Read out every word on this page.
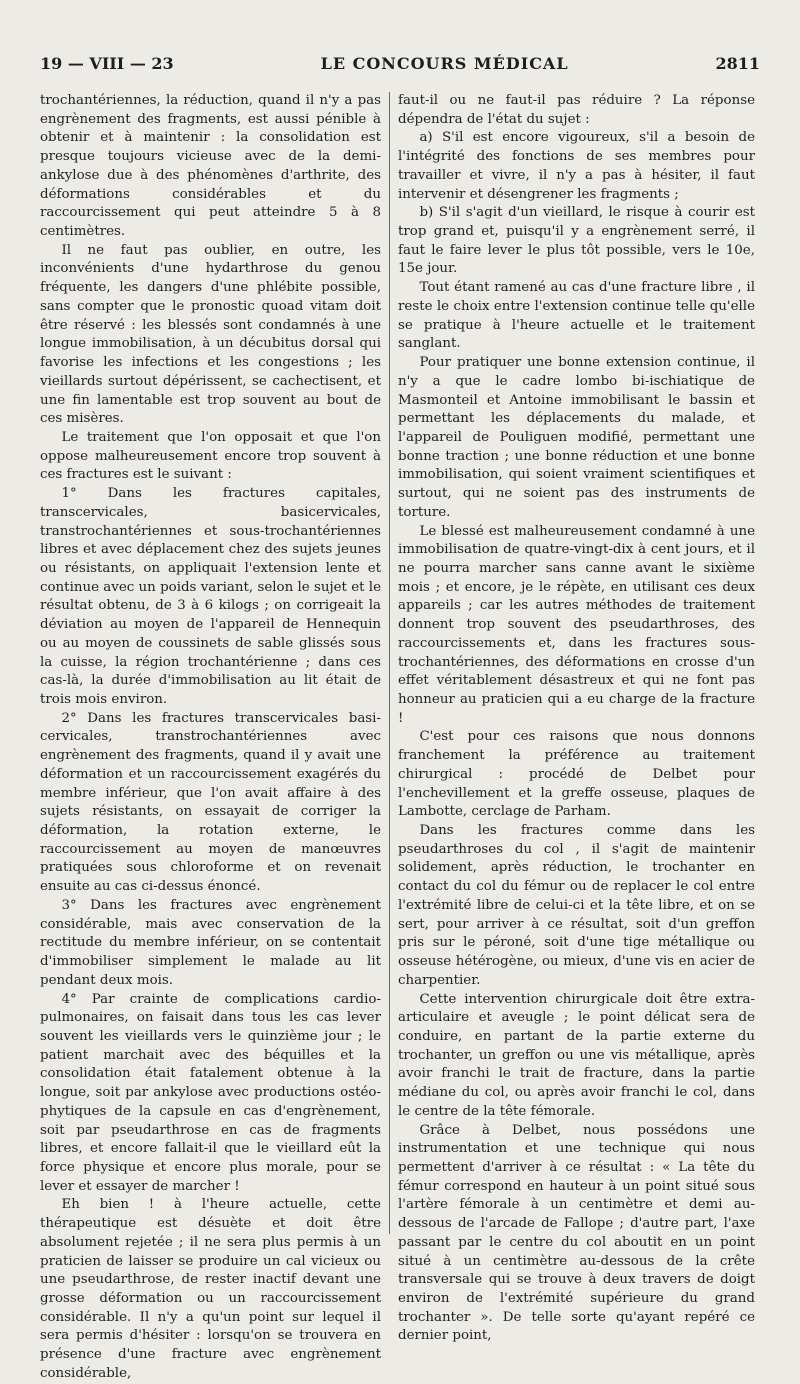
19 — VIII — 23	LE CONCOURS MÉDICAL	2811

trochantériennes, la réduction, quand il n'y a pas engrènement des fragments, est aussi pénible à obtenir et à maintenir : la consolidation est presque toujours vicieuse avec de la demi-ankylose due à des phénomènes d'arthrite, des déformations considérables et du raccourcissement qui peut atteindre 5 à 8 centimètres.

Il ne faut pas oublier, en outre, les inconvénients d'une hydarthrose du genou fréquente, les dangers d'une phlébite possible, sans compter que le pronostic quoad vitam doit être réservé : les blessés sont condamnés à une longue immobilisation, à un décubitus dorsal qui favorise les infections et les congestions ; les vieillards surtout dépérissent, se cachectisent, et une fin lamentable est trop souvent au bout de ces misères.

Le traitement que l'on opposait et que l'on oppose malheureusement encore trop souvent à ces fractures est le suivant :

1° Dans les fractures capitales, transcervicales, basicervicales, transtrochantériennes et sous-trochantériennes libres et avec déplacement chez des sujets jeunes ou résistants, on appliquait l'extension lente et continue avec un poids variant, selon le sujet et le résultat obtenu, de 3 à 6 kilogs ; on corrigeait la déviation au moyen de l'appareil de Hennequin ou au moyen de coussinets de sable glissés sous la cuisse, la région trochantérienne ; dans ces cas-là, la durée d'immobilisation au lit était de trois mois environ.

2° Dans les fractures transcervicales basi-cervicales, transtrochantériennes avec engrènement des fragments, quand il y avait une déformation et un raccourcissement exagérés du membre inférieur, que l'on avait affaire à des sujets résistants, on essayait de corriger la déformation, la rotation externe, le raccourcissement au moyen de manœuvres pratiquées sous chloroforme et on revenait ensuite au cas ci-dessus énoncé.

3° Dans les fractures avec engrènement considérable, mais avec conservation de la rectitude du membre inférieur, on se contentait d'immobiliser simplement le malade au lit pendant deux mois.

4° Par crainte de complications cardio-pulmonaires, on faisait dans tous les cas lever souvent les vieillards vers le quinzième jour ; le patient marchait avec des béquilles et la consolidation était fatalement obtenue à la longue, soit par ankylose avec productions ostéo-phytiques de la capsule en cas d'engrènement, soit par pseudarthrose en cas de fragments libres, et encore fallait-il que le vieillard eût la force physique et encore plus morale, pour se lever et essayer de marcher !

Eh bien ! à l'heure actuelle, cette thérapeutique est désuète et doit être absolument rejetée ; il ne sera plus permis à un praticien de laisser se produire un cal vicieux ou une pseudarthrose, de rester inactif devant une grosse déformation ou un raccourcissement considérable. Il n'y a qu'un point sur lequel il sera permis d'hésiter : lorsqu'on se trouvera en présence d'une fracture avec engrènement considérable,

faut-il ou ne faut-il pas réduire ? La réponse dépendra de l'état du sujet :

a) S'il est encore vigoureux, s'il a besoin de l'intégrité des fonctions de ses membres pour travailler et vivre, il n'y a pas à hésiter, il faut intervenir et désengrener les fragments ;

b) S'il s'agit d'un vieillard, le risque à courir est trop grand et, puisqu'il y a engrènement serré, il faut le faire lever le plus tôt possible, vers le 10e, 15e jour.

Tout étant ramené au cas d'une fracture libre , il reste le choix entre l'extension continue telle qu'elle se pratique à l'heure actuelle et le traitement sanglant.

Pour pratiquer une bonne extension continue, il n'y a que le cadre lombo bi-ischiatique de Masmonteil et Antoine immobilisant le bassin et permettant les déplacements du malade, et l'appareil de Pouliguen modifié, permettant une bonne traction ; une bonne réduction et une bonne immobilisation, qui soient vraiment scientifiques et surtout, qui ne soient pas des instruments de torture.

Le blessé est malheureusement condamné à une immobilisation de quatre-vingt-dix à cent jours, et il ne pourra marcher sans canne avant le sixième mois ; et encore, je le répète, en utilisant ces deux appareils ; car les autres méthodes de traitement donnent trop souvent des pseudarthroses, des raccourcissements et, dans les fractures sous-trochantériennes, des déformations en crosse d'un effet véritablement désastreux et qui ne font pas honneur au praticien qui a eu charge de la fracture !

C'est pour ces raisons que nous donnons franchement la préférence au traitement chirurgical : procédé de Delbet pour l'enchevillement et la greffe osseuse, plaques de Lambotte, cerclage de Parham.

Dans les fractures comme dans les pseudarthroses du col , il s'agit de maintenir solidement, après réduction, le trochanter en contact du col du fémur ou de replacer le col entre l'extrémité libre de celui-ci et la tête libre, et on se sert, pour arriver à ce résultat, soit d'un greffon pris sur le péroné, soit d'une tige métallique ou osseuse hétérogène, ou mieux, d'une vis en acier de charpentier.

Cette intervention chirurgicale doit être extra-articulaire et aveugle ; le point délicat sera de conduire, en partant de la partie externe du trochanter, un greffon ou une vis métallique, après avoir franchi le trait de fracture, dans la partie médiane du col, ou après avoir franchi le col, dans le centre de la tête fémorale.

Grâce à Delbet, nous possédons une instrumentation et une technique qui nous permettent d'arriver à ce résultat : « La tête du fémur correspond en hauteur à un point situé sous l'artère fémorale à un centimètre et demi au-dessous de l'arcade de Fallope ; d'autre part, l'axe passant par le centre du col aboutit en un point situé à un centimètre au-dessous de la crête transversale qui se trouve à deux travers de doigt environ de l'extrémité supérieure du grand trochanter ». De telle sorte qu'ayant repéré ce dernier point,
